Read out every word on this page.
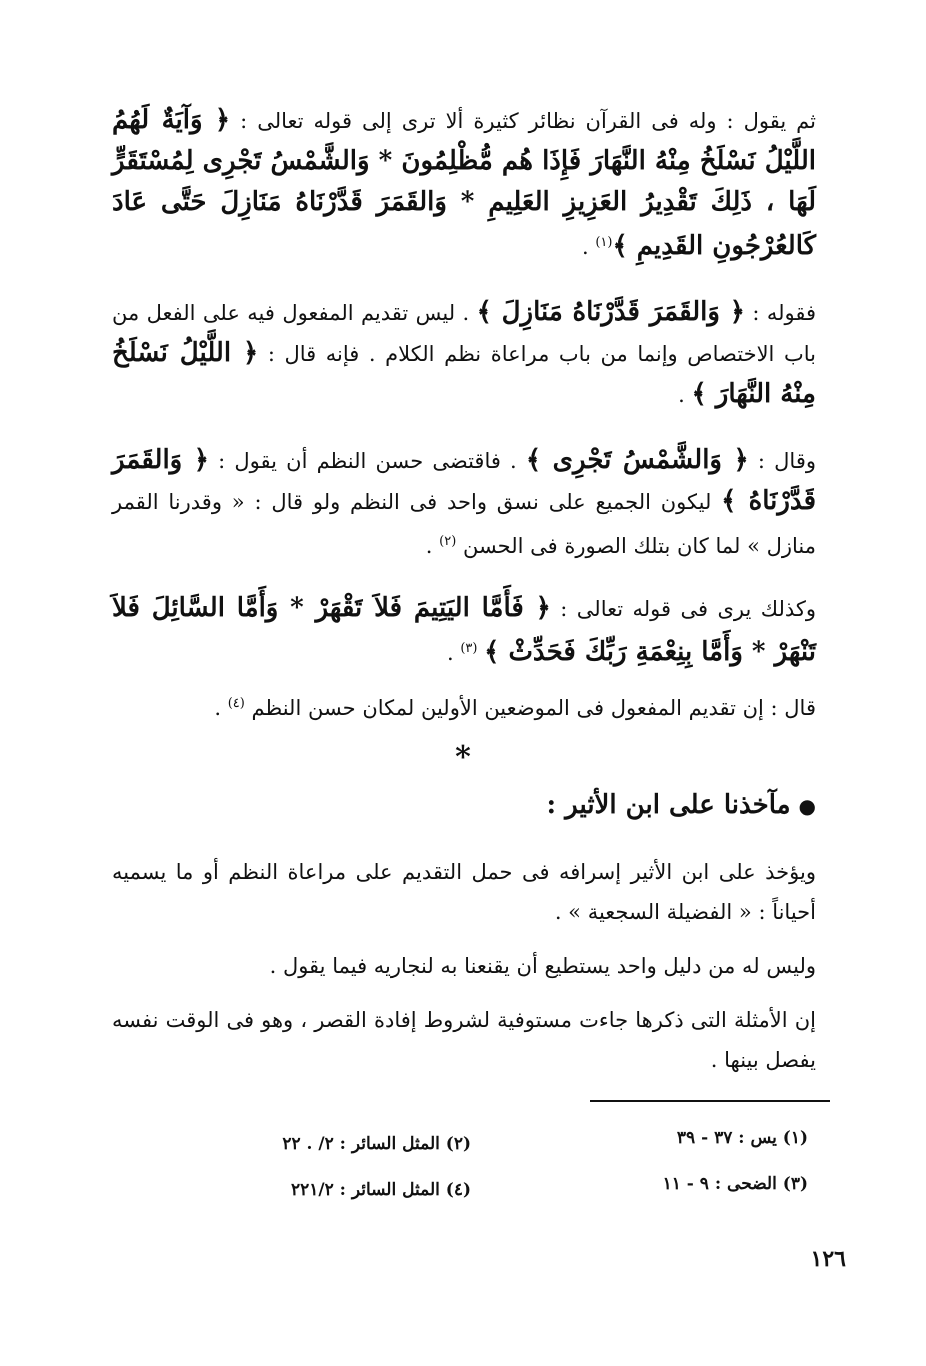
ثم يقول : وله فى القرآن نظائر كثيرة ألا ترى إلى قوله تعالى : ﴿ وَآيَةٌ لَهُمُ اللَّيْلُ نَسْلَخُ مِنْهُ النَّهَارَ فَإِذَا هُم مُّظْلِمُونَ * وَالشَّمْسُ تَجْرِى لِمُسْتَقَرٍّ لَهَا ، ذَلِكَ تَقْدِيرُ العَزِيزِ العَلِيمِ * وَالقَمَرَ قَدَّرْنَاهُ مَنَازِلَ حَتَّى عَادَ كَالعُرْجُونِ القَدِيمِ ﴾$^{(١)}$ .

فقوله : ﴿ وَالقَمَرَ قَدَّرْنَاهُ مَنَازِلَ ﴾ . ليس تقديم المفعول فيه على الفعل من باب الاختصاص وإنما من باب مراعاة نظم الكلام . فإنه قال : ﴿ اللَّيْلُ نَسْلَخُ مِنْهُ النَّهَارَ ﴾ .

وقال : ﴿ وَالشَّمْسُ تَجْرِى ﴾ . فاقتضى حسن النظم أن يقول : ﴿ وَالقَمَرَ قَدَّرْنَاهُ ﴾ ليكون الجميع على نسق واحد فى النظم ولو قال : « وقدرنا القمر منازل » لما كان بتلك الصورة فى الحسن $^{(٢)}$ .

وكذلك يرى فى قوله تعالى : ﴿ فَأَمَّا اليَتِيمَ فَلاَ تَقْهَرْ * وَأَمَّا السَّائِلَ فَلاَ تَنْهَرْ * وَأَمَّا بِنِعْمَةِ رَبِّكَ فَحَدِّثْ ﴾ $^{(٣)}$ .

قال : إن تقديم المفعول فى الموضعين الأولين لمكان حسن النظم $^{(٤)}$ .

*
●مآخذنا على ابن الأثير :

ويؤخذ على ابن الأثير إسرافه فى حمل التقديم على مراعاة النظم أو ما يسميه أحياناً : « الفضيلة السجعية » .

وليس له من دليل واحد يستطيع أن يقنعنا به لنجاريه فيما يقول .

إن الأمثلة التى ذكرها جاءت مستوفية لشروط إفادة القصر ، وهو فى الوقت نفسه يفصل بينها .

(١) يس : ٣٧ - ٣٩
(٢) المثل السائر : ٢/ . ٢٢
(٣) الضحى : ٩ - ١١
(٤) المثل السائر : ٢٢١/٢
١٢٦
